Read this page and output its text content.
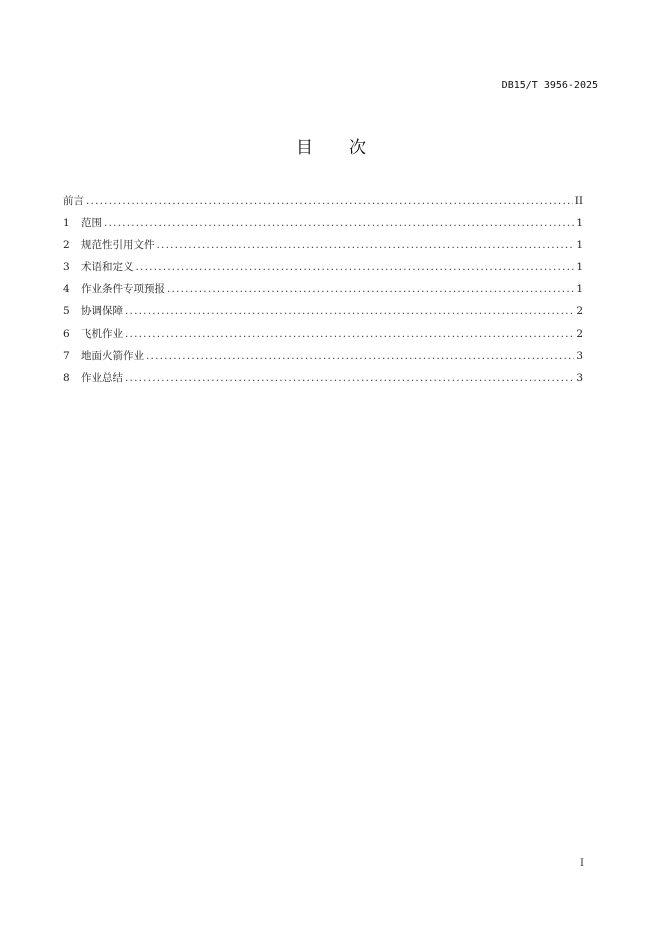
DB15/T 3956-2025
目次
前言 .....	II
1	范围 .....	1
2	规范性引用文件 .....	1
3	术语和定义 .....	1
4	作业条件专项预报 .....	1
5	协调保障 .....	2
6	飞机作业 .....	2
7	地面火箭作业 .....	3
8	作业总结 .....	3
I
